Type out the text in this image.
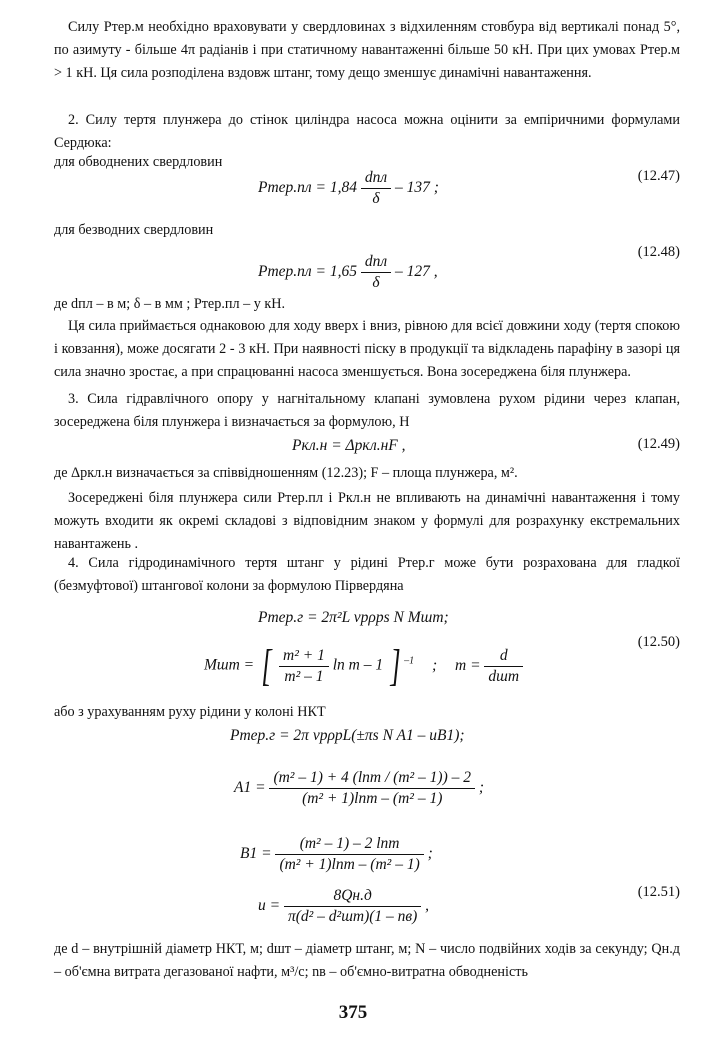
Силу Pтер.м необхідно враховувати у свердловинах з відхиленням стовбура від вертикалі понад 5°, по азимуту - більше 4π радіанів і при статичному навантаженні більше 50 кН. При цих умовах Pтер.м > 1 кН. Ця сила розподілена вздовж штанг, тому дещо зменшує динамічні навантаження.
2. Силу тертя плунжера до стінок циліндра насоса можна оцінити за емпіричними формулами Сердюка:
для обводнених свердловин
Pтер.пл = $1,84 \frac{\text{dпл}}{\delta} - 137$ ;
(12.47)
для безводних свердловин
Pтер.пл = $1,65 \frac{\text{dпл}}{\delta} - 127$ ,
(12.48)
де dпл – в м; δ – в мм ; Pтер.пл – у кН.
Ця сила приймається однаковою для ходу вверх і вниз, рівною для всієї довжини ходу (тертя спокою і ковзання), може досягати 2 - 3 кН. При наявності піску в продукції та відкладень парафіну в зазорі ця сила значно зростає, а при спрацюванні насоса зменшується. Вона зосереджена біля плунжера.
3. Сила гідравлічного опору у нагнітальному клапані зумовлена рухом рідини через клапан, зосереджена біля плунжера і визначається за формулою, Н
Pкл.н = Δpкл.нF ,	(12.49)
де Δpкл.н визначається за співвідношенням (12.23); F – площа плунжера, м².
Зосереджені біля плунжера сили Pтер.пл і Pкл.н не впливають на динамічні навантаження і тому можуть входити як окремі складові з відповідним знаком у формулі для розрахунку екстремальних навантажень .
4. Сила гідродинамічного тертя штанг у рідині Pтер.г може бути розрахована для гладкої (безмуфтової) штангової колони за формулою Пірвердяна
Pтер.г = 2π²L νрρрs N Mшт;
Mшт = [ $\frac{\text{m² + 1}}{\text{m² – 1}}$ ln m – 1 ] $^{-1}$ ; $m = \frac{d}{\text{dшт}}$
(12.50)
або з урахуванням руху рідини у колоні НКТ
Pтер.г = 2π νрρрL(±πs N A1 – uB1);
$A1 = \frac{\text{(m² – 1) + 4 (lnm / (m² – 1)) – 2}}{\text{(m² + 1)lnm – (m² – 1)}}$ ;
$B1 = \frac{\text{(m² – 1) – 2 lnm}}{\text{(m² + 1)lnm – (m² – 1)}}$ ;
$u = \frac{8Qн.д}{\text{π(d² – d²шт)(1 – nв)}}$ ,
(12.51)
де d – внутрішній діаметр НКТ, м; dшт – діаметр штанг, м; N – число подвійних ходів за секунду; Qн.д – об'ємна витрата дегазованої нафти, м³/с; nв – об'ємно-витратна обводненість
375
